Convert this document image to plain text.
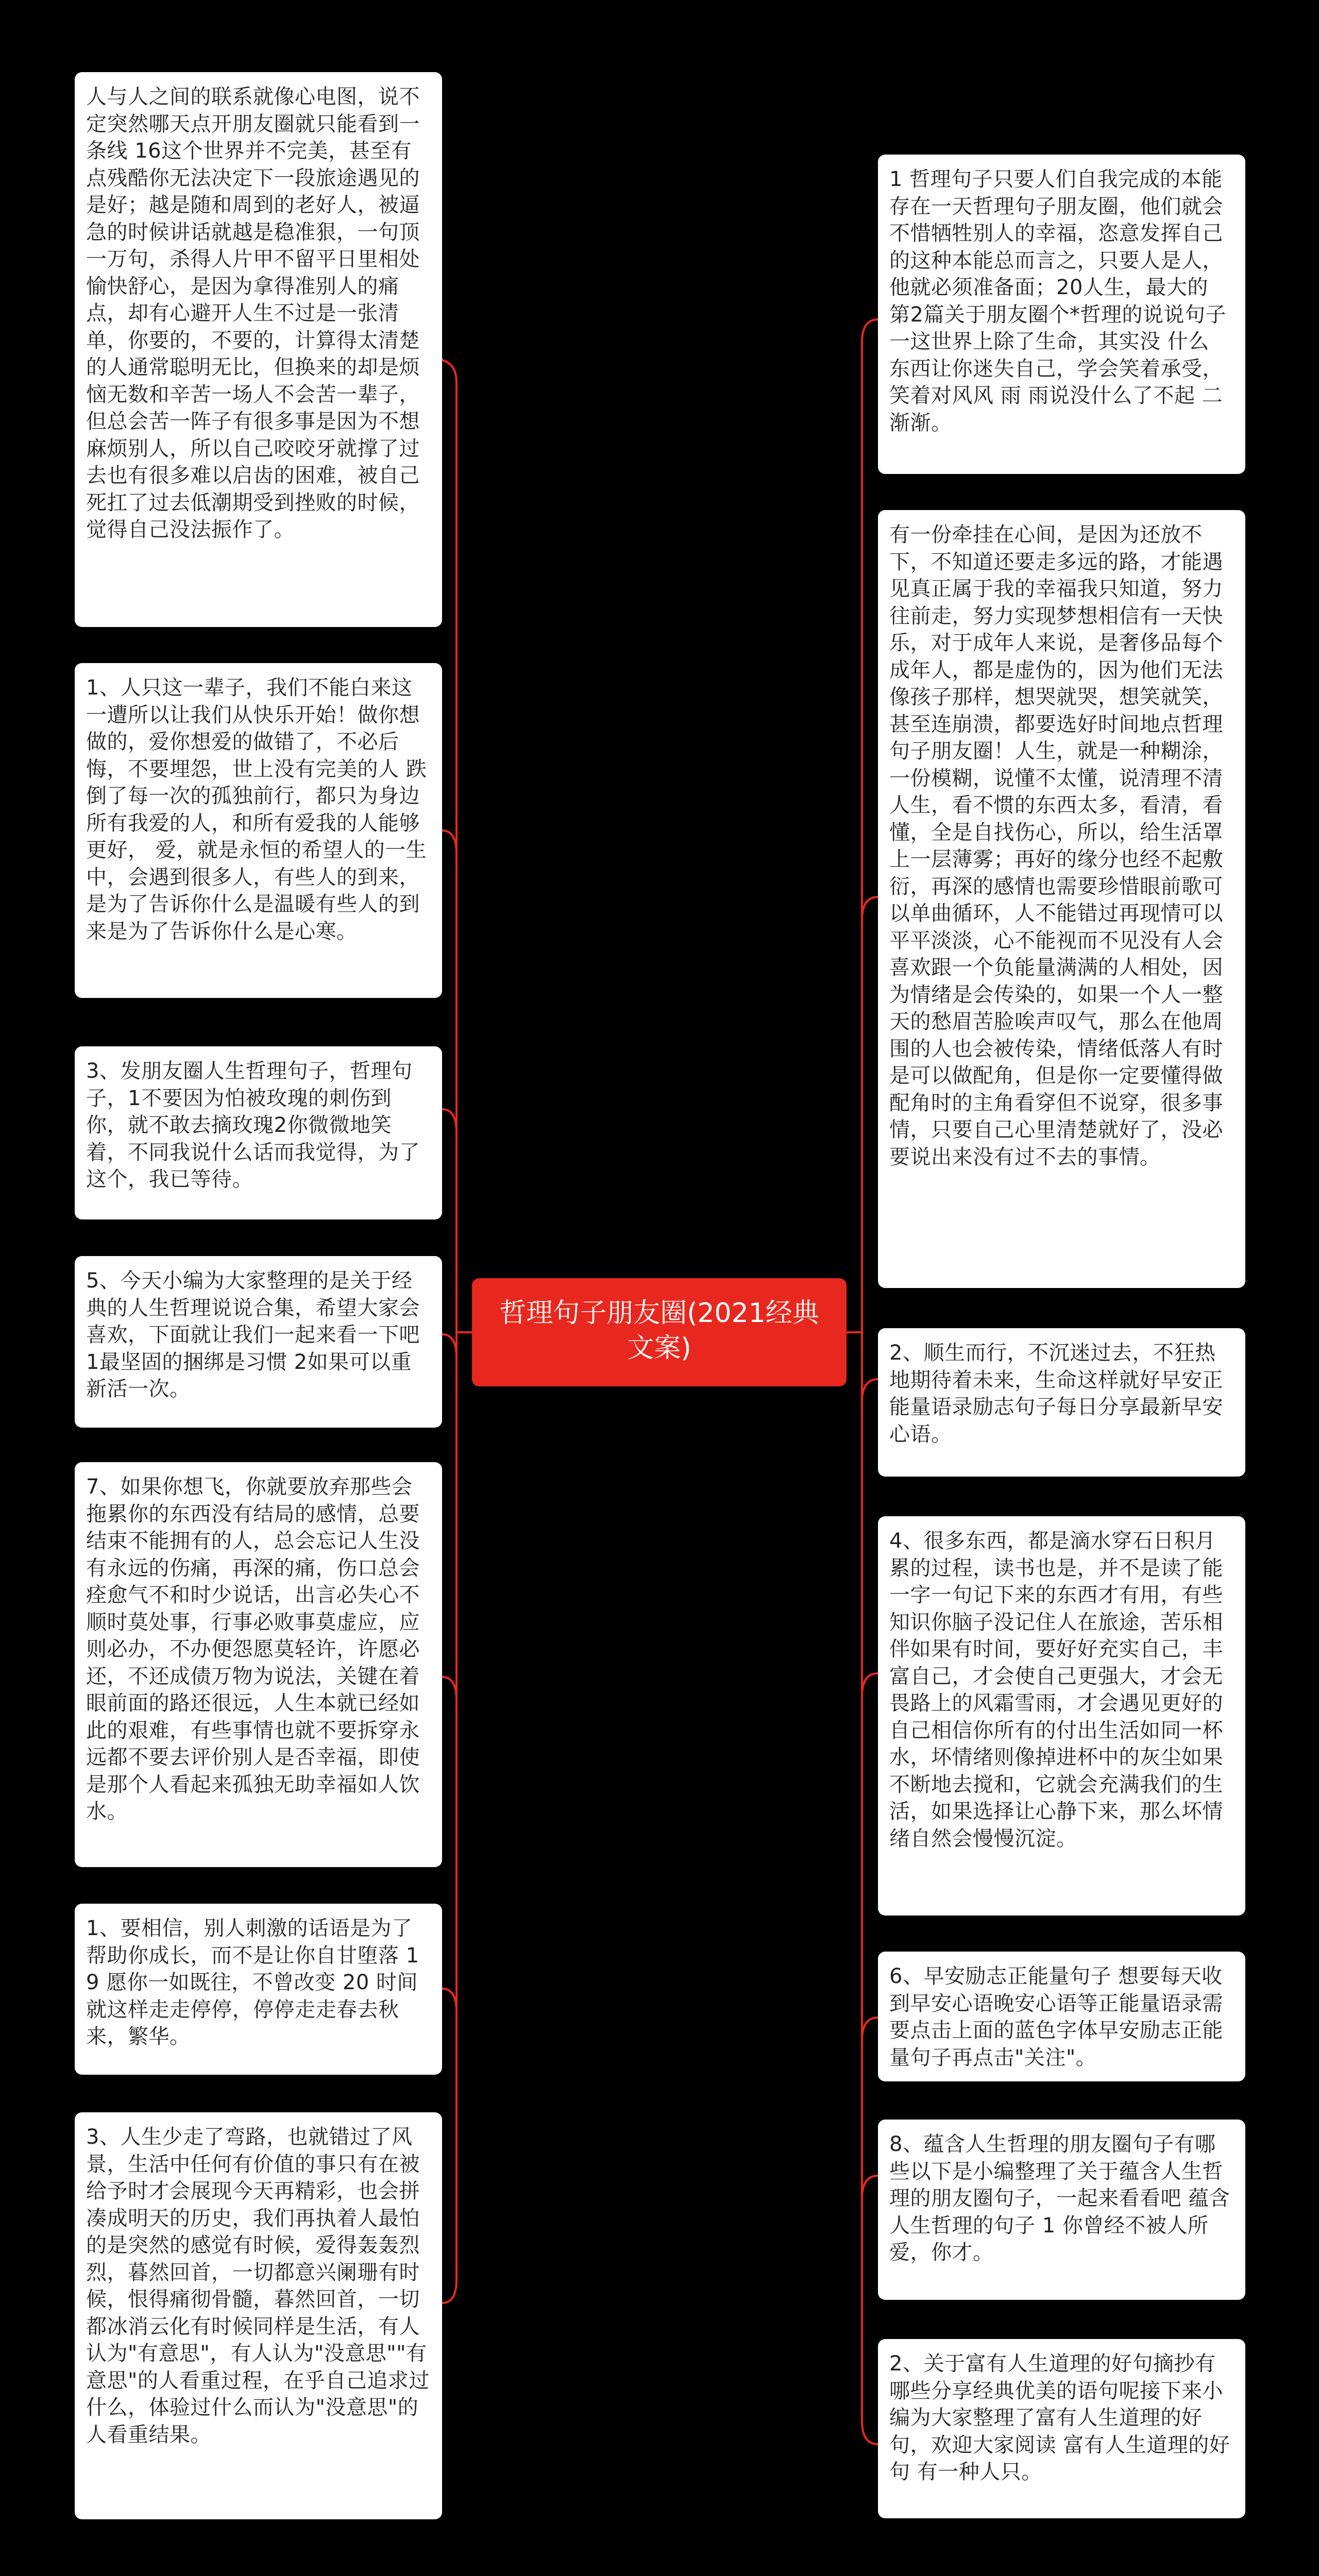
哲理句子朋友圈(2021经典文案)

人与人之间的联系就像心电图，说不定突然哪天点开朋友圈就只能看到一条线 16这个世界并不完美，甚至有点残酷你无法决定下一段旅途遇见的是好；越是随和周到的老好人，被逼急的时候讲话就越是稳准狠，一句顶一万句，杀得人片甲不留平日里相处愉快舒心，是因为拿得准别人的痛点，却有心避开人生不过是一张清单，你要的，不要的，计算得太清楚的人通常聪明无比，但换来的却是烦恼无数和辛苦一场人不会苦一辈子，但总会苦一阵子有很多事是因为不想麻烦别人，所以自己咬咬牙就撑了过去也有很多难以启齿的困难，被自己死扛了过去低潮期受到挫败的时候，觉得自己没法振作了。

1、人只这一辈子，我们不能白来这一遭所以让我们从快乐开始！做你想做的，爱你想爱的做错了，不必后悔，不要埋怨，世上没有完美的人 跌倒了每一次的孤独前行，都只为身边所有我爱的人，和所有爱我的人能够更好， 爱，就是永恒的希望人的一生中，会遇到很多人，有些人的到来，是为了告诉你什么是温暖有些人的到来是为了告诉你什么是心寒。

3、发朋友圈人生哲理句子，哲理句子，1不要因为怕被玫瑰的刺伤到你，就不敢去摘玫瑰2你微微地笑着，不同我说什么话而我觉得，为了这个，我已等待。

5、今天小编为大家整理的是关于经典的人生哲理说说合集，希望大家会喜欢，下面就让我们一起来看一下吧 1最坚固的捆绑是习惯 2如果可以重新活一次。

7、如果你想飞，你就要放弃那些会拖累你的东西没有结局的感情，总要结束不能拥有的人，总会忘记人生没有永远的伤痛，再深的痛，伤口总会痊愈气不和时少说话，出言必失心不顺时莫处事，行事必败事莫虚应，应则必办，不办便怨愿莫轻许，许愿必还，不还成债万物为说法，关键在着眼前面的路还很远，人生本就已经如此的艰难，有些事情也就不要拆穿永远都不要去评价别人是否幸福，即使是那个人看起来孤独无助幸福如人饮水。

1、要相信，别人刺激的话语是为了帮助你成长，而不是让你自甘堕落 19 愿你一如既往，不曾改变 20 时间就这样走走停停，停停走走春去秋来，繁华。

3、人生少走了弯路，也就错过了风景，生活中任何有价值的事只有在被给予时才会展现今天再精彩，也会拼凑成明天的历史，我们再执着人最怕的是突然的感觉有时候，爱得轰轰烈烈，暮然回首，一切都意兴阑珊有时候，恨得痛彻骨髓，暮然回首，一切都冰消云化有时候同样是生活，有人认为"有意思"，有人认为"没意思""有意思"的人看重过程，在乎自己追求过什么，体验过什么而认为"没意思"的人看重结果。

1 哲理句子只要人们自我完成的本能存在一天哲理句子朋友圈，他们就会不惜牺牲别人的幸福，恣意发挥自己的这种本能总而言之，只要人是人，他就必须准备面；20人生，最大的 第2篇关于朋友圈个*哲理的说说句子 一这世界上除了生命，其实没 什么 东西让你迷失自己，学会笑着承受，笑着对风风 雨 雨说没什么了不起 二渐渐。

有一份牵挂在心间，是因为还放不下，不知道还要走多远的路，才能遇见真正属于我的幸福我只知道，努力往前走，努力实现梦想相信有一天快乐，对于成年人来说，是奢侈品每个成年人，都是虚伪的，因为他们无法像孩子那样，想哭就哭，想笑就笑，甚至连崩溃，都要选好时间地点哲理句子朋友圈！人生，就是一种糊涂，一份模糊，说懂不太懂，说清理不清人生，看不惯的东西太多，看清，看懂，全是自找伤心，所以，给生活罩上一层薄雾；再好的缘分也经不起敷衍，再深的感情也需要珍惜眼前歌可以单曲循环，人不能错过再现情可以平平淡淡，心不能视而不见没有人会喜欢跟一个负能量满满的人相处，因为情绪是会传染的，如果一个人一整天的愁眉苦脸唉声叹气，那么在他周围的人也会被传染，情绪低落人有时是可以做配角，但是你一定要懂得做配角时的主角看穿但不说穿，很多事情，只要自己心里清楚就好了，没必要说出来没有过不去的事情。

2、顺生而行，不沉迷过去，不狂热地期待着未来，生命这样就好早安正能量语录励志句子每日分享最新早安心语。

4、很多东西，都是滴水穿石日积月累的过程，读书也是，并不是读了能一字一句记下来的东西才有用，有些知识你脑子没记住人在旅途，苦乐相伴如果有时间，要好好充实自己，丰富自己，才会使自己更强大，才会无畏路上的风霜雪雨，才会遇见更好的自己相信你所有的付出生活如同一杯水，坏情绪则像掉进杯中的灰尘如果不断地去搅和，它就会充满我们的生活，如果选择让心静下来，那么坏情绪自然会慢慢沉淀。

6、早安励志正能量句子 想要每天收到早安心语晚安心语等正能量语录需要点击上面的蓝色字体早安励志正能量句子再点击"关注"。

8、蕴含人生哲理的朋友圈句子有哪些以下是小编整理了关于蕴含人生哲理的朋友圈句子，一起来看看吧 蕴含人生哲理的句子 1 你曾经不被人所爱，你才。

2、关于富有人生道理的好句摘抄有哪些分享经典优美的语句呢接下来小编为大家整理了富有人生道理的好句，欢迎大家阅读 富有人生道理的好句 有一种人只。
